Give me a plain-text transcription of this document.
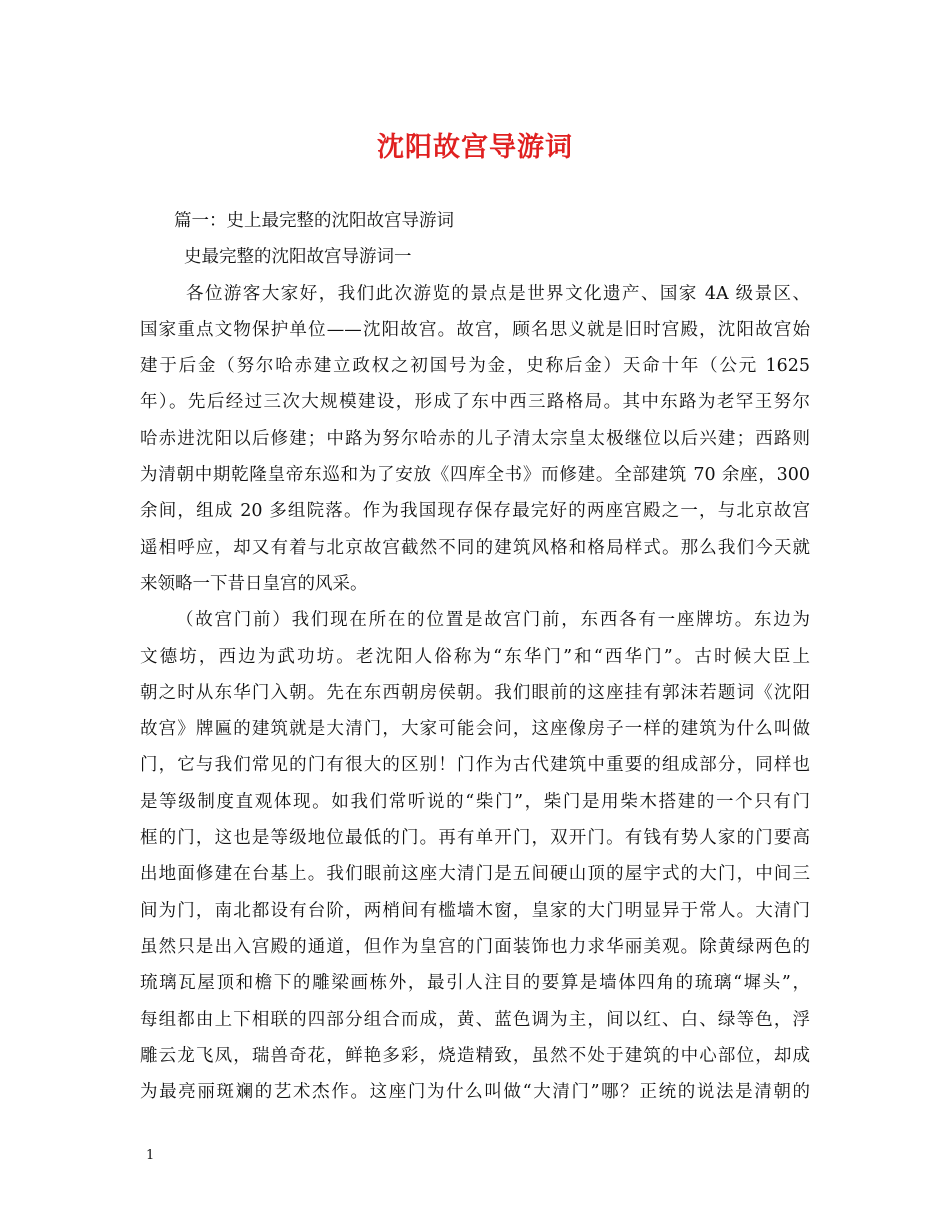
沈阳故宫导游词
篇一：史上最完整的沈阳故宫导游词
史最完整的沈阳故宫导游词一
各位游客大家好，我们此次游览的景点是世界文化遗产、国家 4A 级景区、
国家重点文物保护单位——沈阳故宫。故宫，顾名思义就是旧时宫殿，沈阳故宫始
建于后金（努尔哈赤建立政权之初国号为金，史称后金）天命十年（公元 1625
年）。先后经过三次大规模建设，形成了东中西三路格局。其中东路为老罕王努尔
哈赤进沈阳以后修建；中路为努尔哈赤的儿子清太宗皇太极继位以后兴建；西路则
为清朝中期乾隆皇帝东巡和为了安放《四库全书》而修建。全部建筑 70 余座，300
余间，组成 20 多组院落。作为我国现存保存最完好的两座宫殿之一，与北京故宫
遥相呼应，却又有着与北京故宫截然不同的建筑风格和格局样式。那么我们今天就
来领略一下昔日皇宫的风采。
（故宫门前）我们现在所在的位置是故宫门前，东西各有一座牌坊。东边为
文德坊，西边为武功坊。老沈阳人俗称为“东华门”和“西华门”。古时候大臣上
朝之时从东华门入朝。先在东西朝房侯朝。我们眼前的这座挂有郭沫若题词《沈阳
故宫》牌匾的建筑就是大清门，大家可能会问，这座像房子一样的建筑为什么叫做
门，它与我们常见的门有很大的区别！门作为古代建筑中重要的组成部分，同样也
是等级制度直观体现。如我们常听说的“柴门”，柴门是用柴木搭建的一个只有门
框的门，这也是等级地位最低的门。再有单开门，双开门。有钱有势人家的门要高
出地面修建在台基上。我们眼前这座大清门是五间硬山顶的屋宇式的大门，中间三
间为门，南北都设有台阶，两梢间有槛墙木窗，皇家的大门明显异于常人。大清门
虽然只是出入宫殿的通道，但作为皇宫的门面装饰也力求华丽美观。除黄绿两色的
琉璃瓦屋顶和檐下的雕梁画栋外，最引人注目的要算是墙体四角的琉璃“墀头”，
每组都由上下相联的四部分组合而成，黄、蓝色调为主，间以红、白、绿等色，浮
雕云龙飞凤，瑞兽奇花，鲜艳多彩，烧造精致，虽然不处于建筑的中心部位，却成
为最亮丽斑斓的艺术杰作。这座门为什么叫做“大清门”哪？正统的说法是清朝的
1
